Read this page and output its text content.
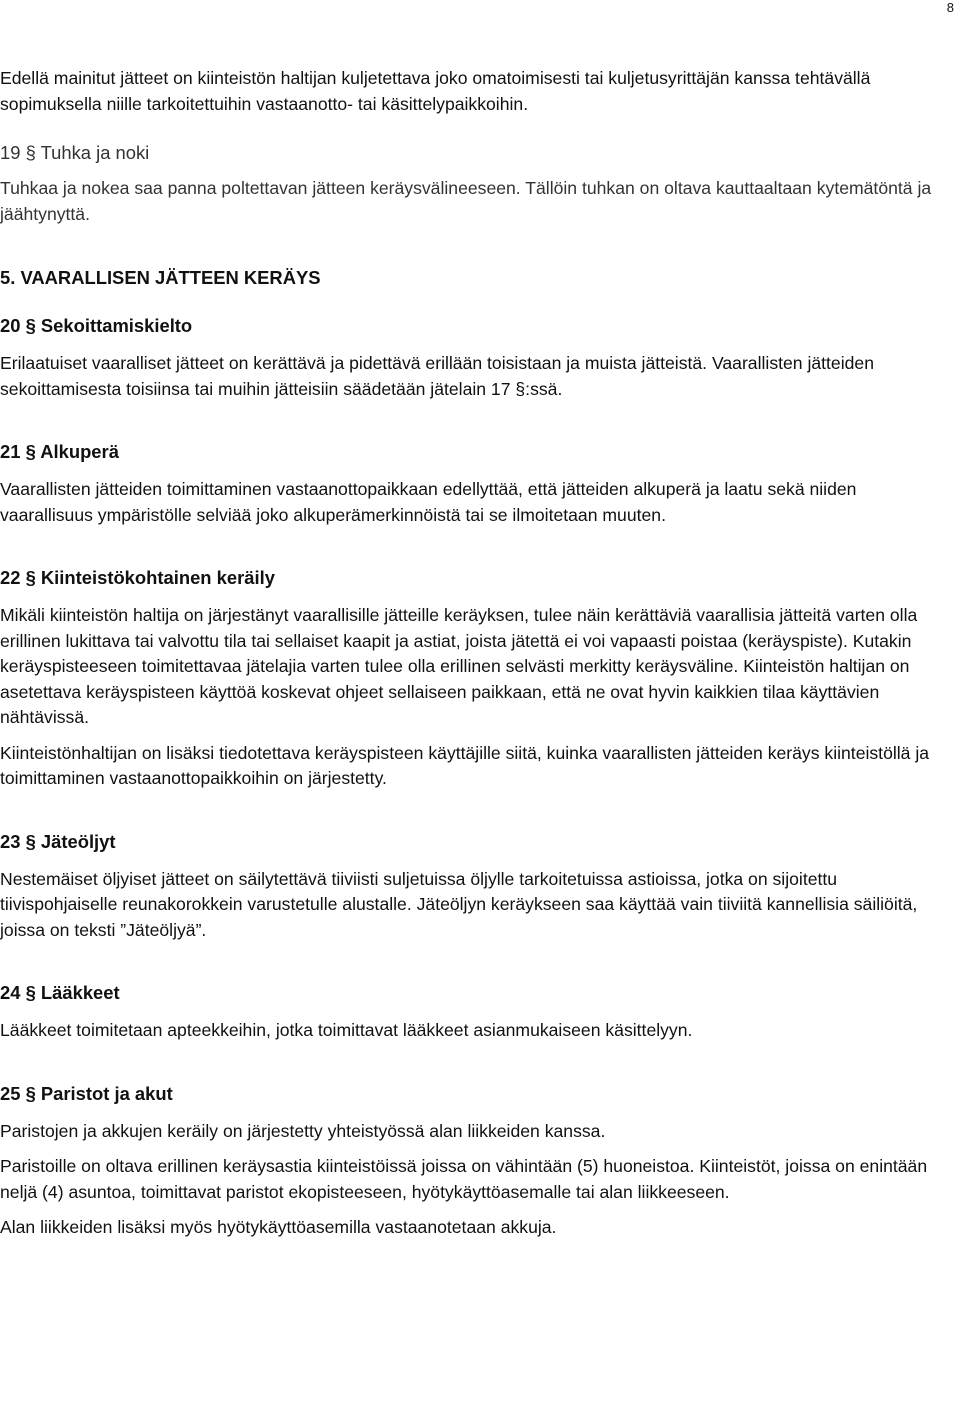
8

Edellä mainitut jätteet on kiinteistön haltijan kuljetettava joko omatoimisesti tai kuljetusyrittäjän kanssa tehtävällä sopimuksella niille tarkoitettuihin vastaanotto- tai käsittelypaikkoihin.

19 § Tuhka ja noki

Tuhkaa ja nokea saa panna poltettavan jätteen keräysvälineeseen. Tällöin tuhkan on oltava kauttaaltaan kytemätöntä ja jäähtynyttä.

5. VAARALLISEN JÄTTEEN KERÄYS
20 § Sekoittamiskielto

Erilaatuiset vaaralliset jätteet on kerättävä ja pidettävä erillään toisistaan ja muista jätteistä. Vaarallisten jätteiden sekoittamisesta toisiinsa tai muihin jätteisiin säädetään jätelain 17 §:ssä.

21 § Alkuperä

Vaarallisten jätteiden toimittaminen vastaanottopaikkaan edellyttää, että jätteiden alkuperä ja laatu sekä niiden vaarallisuus ympäristölle selviää joko alkuperämerkinnöistä tai se ilmoitetaan muuten.

22 § Kiinteistökohtainen keräily

Mikäli kiinteistön haltija on järjestänyt vaarallisille jätteille keräyksen, tulee näin kerättäviä vaarallisia jätteitä varten olla erillinen lukittava tai valvottu tila tai sellaiset kaapit ja astiat, joista jätettä ei voi vapaasti poistaa (keräyspiste). Kutakin keräyspisteeseen toimitettavaa jätelajia varten tulee olla erillinen selvästi merkitty keräysväline. Kiinteistön haltijan on asetettava keräyspisteen käyttöä koskevat ohjeet sellaiseen paikkaan, että ne ovat hyvin kaikkien tilaa käyttävien nähtävissä.

Kiinteistönhaltijan on lisäksi tiedotettava keräyspisteen käyttäjille siitä, kuinka vaarallisten jätteiden keräys kiinteistöllä ja toimittaminen vastaanottopaikkoihin on järjestetty.

23 § Jäteöljyt

Nestemäiset öljyiset jätteet on säilytettävä tiiviisti suljetuissa öljylle tarkoitetuissa astioissa, jotka on sijoitettu tiivispohjaiselle reunakorokkein varustetulle alustalle. Jäteöljyn keräykseen saa käyttää vain tiiviitä kannellisia säiliöitä, joissa on teksti ”Jäteöljyä”.

24 § Lääkkeet

Lääkkeet toimitetaan apteekkeihin, jotka toimittavat lääkkeet asianmukaiseen käsittelyyn.

25 § Paristot ja akut

Paristojen ja akkujen keräily on järjestetty yhteistyössä alan liikkeiden kanssa.

Paristoille on oltava erillinen keräysastia kiinteistöissä joissa on vähintään (5) huoneistoa. Kiinteistöt, joissa on enintään neljä (4) asuntoa, toimittavat paristot ekopisteeseen, hyötykäyttöasemalle tai alan liikkeeseen.

Alan liikkeiden lisäksi myös hyötykäyttöasemilla vastaanotetaan akkuja.
